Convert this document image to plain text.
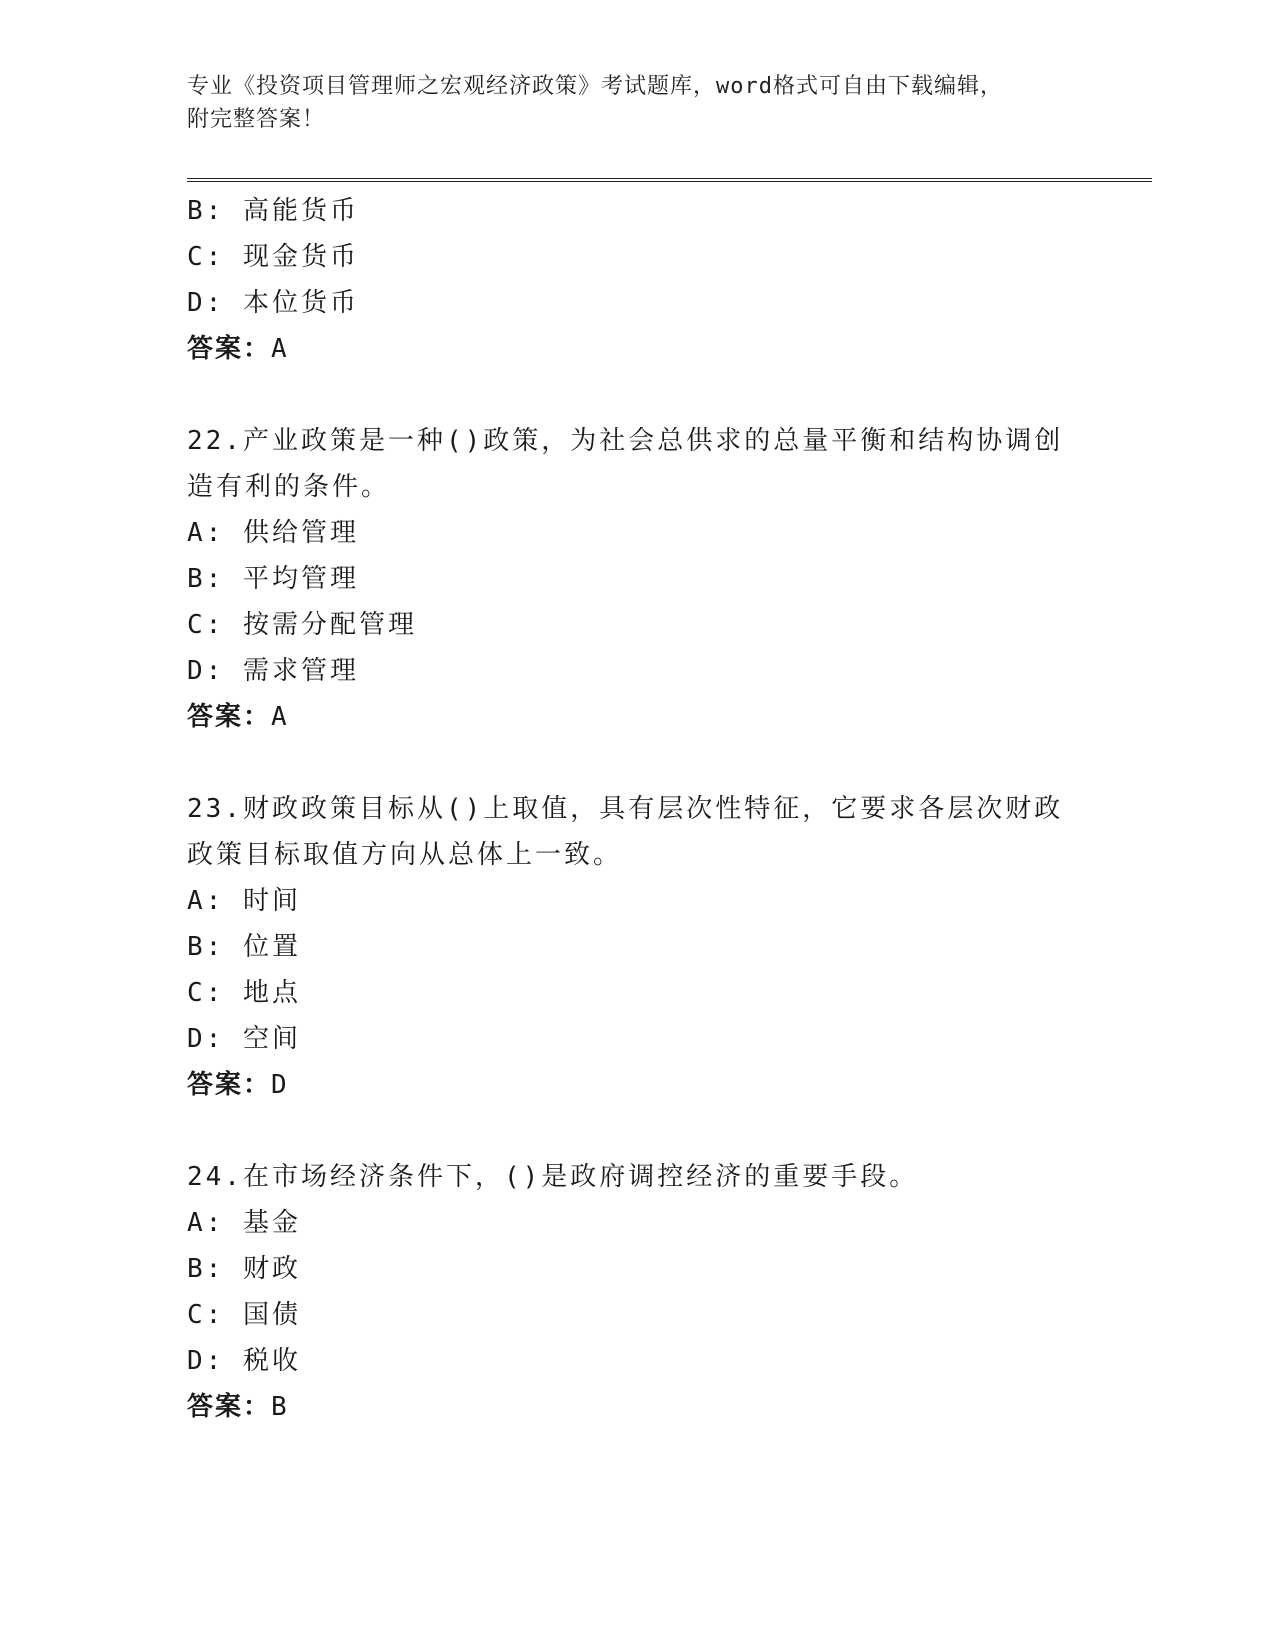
专业《投资项目管理师之宏观经济政策》考试题库，word格式可自由下载编辑，
附完整答案！
B: 高能货币
C: 现金货币
D: 本位货币
答案：A
22.产业政策是一种()政策，为社会总供求的总量平衡和结构协调创造有利的条件。
A: 供给管理
B: 平均管理
C: 按需分配管理
D: 需求管理
答案：A
23.财政政策目标从()上取值，具有层次性特征，它要求各层次财政政策目标取值方向从总体上一致。
A: 时间
B: 位置
C: 地点
D: 空间
答案：D
24.在市场经济条件下，()是政府调控经济的重要手段。
A: 基金
B: 财政
C: 国债
D: 税收
答案：B
